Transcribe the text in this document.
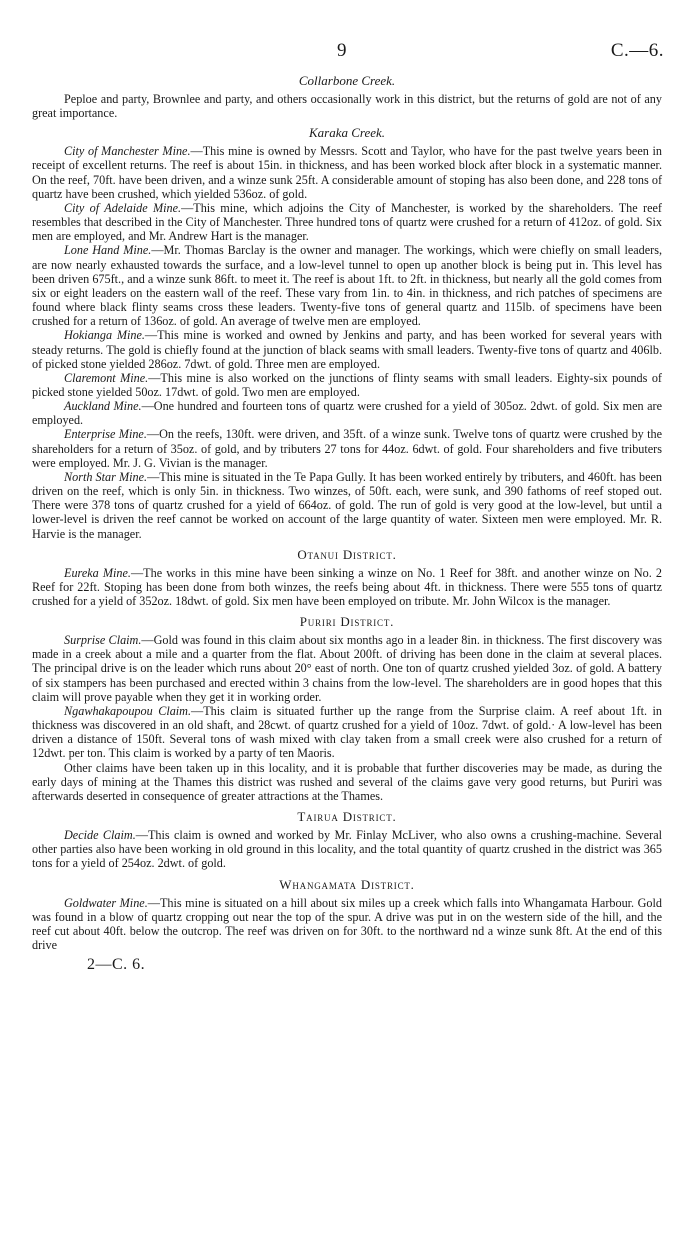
9	C.—6.
Collarbone Creek.

Peploe and party, Brownlee and party, and others occasionally work in this district, but the returns of gold are not of any great importance.

Karaka Creek.

City of Manchester Mine.—This mine is owned by Messrs. Scott and Taylor, who have for the past twelve years been in receipt of excellent returns. The reef is about 15in. in thickness, and has been worked block after block in a systematic manner. On the reef, 70ft. have been driven, and a winze sunk 25ft. A considerable amount of stoping has also been done, and 228 tons of quartz have been crushed, which yielded 536oz. of gold.

City of Adelaide Mine.—This mine, which adjoins the City of Manchester, is worked by the shareholders. The reef resembles that described in the City of Manchester. Three hundred tons of quartz were crushed for a return of 412oz. of gold. Six men are employed, and Mr. Andrew Hart is the manager.

Lone Hand Mine.—Mr. Thomas Barclay is the owner and manager. The workings, which were chiefly on small leaders, are now nearly exhausted towards the surface, and a low-level tunnel to open up another block is being put in. This level has been driven 675ft., and a winze sunk 86ft. to meet it. The reef is about 1ft. to 2ft. in thickness, but nearly all the gold comes from six or eight leaders on the eastern wall of the reef. These vary from 1in. to 4in. in thickness, and rich patches of specimens are found where black flinty seams cross these leaders. Twenty-five tons of general quartz and 115lb. of specimens have been crushed for a return of 136oz. of gold. An average of twelve men are employed.

Hokianga Mine.—This mine is worked and owned by Jenkins and party, and has been worked for several years with steady returns. The gold is chiefly found at the junction of black seams with small leaders. Twenty-five tons of quartz and 406lb. of picked stone yielded 286oz. 7dwt. of gold. Three men are employed.

Claremont Mine.—This mine is also worked on the junctions of flinty seams with small leaders. Eighty-six pounds of picked stone yielded 50oz. 17dwt. of gold. Two men are employed.

Auckland Mine.—One hundred and fourteen tons of quartz were crushed for a yield of 305oz. 2dwt. of gold. Six men are employed.

Enterprise Mine.—On the reefs, 130ft. were driven, and 35ft. of a winze sunk. Twelve tons of quartz were crushed by the shareholders for a return of 35oz. of gold, and by tributers 27 tons for 44oz. 6dwt. of gold. Four shareholders and five tributers were employed. Mr. J. G. Vivian is the manager.

North Star Mine.—This mine is situated in the Te Papa Gully. It has been worked entirely by tributers, and 460ft. has been driven on the reef, which is only 5in. in thickness. Two winzes, of 50ft. each, were sunk, and 390 fathoms of reef stoped out. There were 378 tons of quartz crushed for a yield of 664oz. of gold. The run of gold is very good at the low-level, but until a lower-level is driven the reef cannot be worked on account of the large quantity of water. Sixteen men were employed. Mr. R. Harvie is the manager.

Otanui District.

Eureka Mine.—The works in this mine have been sinking a winze on No. 1 Reef for 38ft. and another winze on No. 2 Reef for 22ft. Stoping has been done from both winzes, the reefs being about 4ft. in thickness. There were 555 tons of quartz crushed for a yield of 352oz. 18dwt. of gold. Six men have been employed on tribute. Mr. John Wilcox is the manager.

Puriri District.

Surprise Claim.—Gold was found in this claim about six months ago in a leader 8in. in thickness. The first discovery was made in a creek about a mile and a quarter from the flat. About 200ft. of driving has been done in the claim at several places. The principal drive is on the leader which runs about 20° east of north. One ton of quartz crushed yielded 3oz. of gold. A battery of six stampers has been purchased and erected within 3 chains from the low-level. The shareholders are in good hopes that this claim will prove payable when they get it in working order.

Ngawhakapoupou Claim.—This claim is situated further up the range from the Surprise claim. A reef about 1ft. in thickness was discovered in an old shaft, and 28cwt. of quartz crushed for a yield of 10oz. 7dwt. of gold.· A low-level has been driven a distance of 150ft. Several tons of wash mixed with clay taken from a small creek were also crushed for a return of 12dwt. per ton. This claim is worked by a party of ten Maoris.

Other claims have been taken up in this locality, and it is probable that further discoveries may be made, as during the early days of mining at the Thames this district was rushed and several of the claims gave very good returns, but Puriri was afterwards deserted in consequence of greater attractions at the Thames.

Tairua District.

Decide Claim.—This claim is owned and worked by Mr. Finlay McLiver, who also owns a crushing-machine. Several other parties also have been working in old ground in this locality, and the total quantity of quartz crushed in the district was 365 tons for a yield of 254oz. 2dwt. of gold.

Whangamata District.

Goldwater Mine.—This mine is situated on a hill about six miles up a creek which falls into Whangamata Harbour. Gold was found in a blow of quartz cropping out near the top of the spur. A drive was put in on the western side of the hill, and the reef cut about 40ft. below the outcrop. The reef was driven on for 30ft. to the northward nd a winze sunk 8ft. At the end of this drive

2—C. 6.
